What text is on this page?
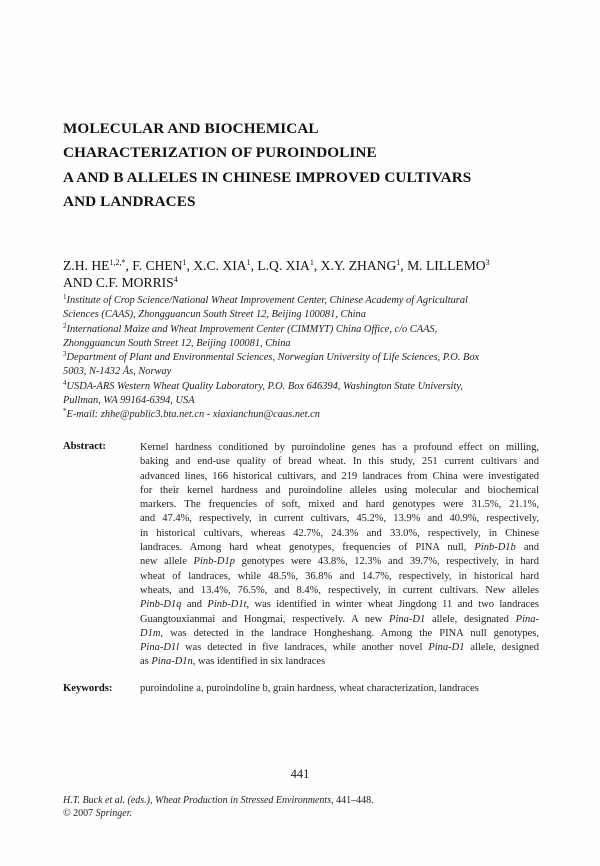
MOLECULAR AND BIOCHEMICAL
CHARACTERIZATION OF PUROINDOLINE
A AND B ALLELES IN CHINESE IMPROVED CULTIVARS
AND LANDRACES
Z.H. $HE^{1,2,*}$, F. CHEN$^1$, X.C. XIA$^1$, L.Q. XIA$^1$, X.Y. ZHANG$^1$, M. LILLEMO$^3$
AND C.F. MORRIS$^4$
$^1$Institute of Crop Science/National Wheat Improvement Center, Chinese Academy of Agricultural
Sciences (CAAS), Zhongguancun South Street 12, Beijing 100081, China
$^2$International Maize and Wheat Improvement Center (CIMMYT) China Office, c/o CAAS,
Zhongguancun South Street 12, Beijing 100081, China
$^3$Department of Plant and Environmental Sciences, Norwegian University of Life Sciences, P.O. Box
5003, N-1432 Ås, Norway
$^4$USDA-ARS Western Wheat Quality Laboratory, P.O. Box 646394, Washington State University,
Pullman, WA 99164-6394, USA
*E-mail: zhhe@public3.bta.net.cn - xiaxianchun@caas.net.cn
Abstract:	Kernel hardness conditioned by puroindoline genes has a profound effect on milling,
baking and end-use quality of bread wheat. In this study, 251 current cultivars and
advanced lines, 166 historical cultivars, and 219 landraces from China were investigated
for their kernel hardness and puroindoline alleles using molecular and biochemical
markers. The frequencies of soft, mixed and hard genotypes were 31.5%, 21.1%,
and 47.4%, respectively, in current cultivars, 45.2%, 13.9% and 40.9%, respectively,
in historical cultivars, whereas 42.7%, 24.3% and 33.0%, respectively, in Chinese
landraces. Among hard wheat genotypes, frequencies of PINA null, Pinb-D1b and
new allele Pinb-D1p genotypes were 43.8%, 12.3% and 39.7%, respectively, in hard
wheat of landraces, while 48.5%, 36.8% and 14.7%, respectively, in historical hard
wheats, and 13.4%, 76.5%, and 8.4%, respectively, in current cultivars. New alleles
Pinb-D1q and Pinb-D1t, was identified in winter wheat Jingdong 11 and two landraces
Guangtouxianmai and Hongmai, respectively. A new Pina-D1 allele, designated Pina-
D1m, was detected in the landrace Hongheshang. Among the PINA null genotypes,
Pina-D1l was detected in five landraces, while another novel Pina-D1 allele, designed
as Pina-D1n, was identified in six landraces
Keywords:	puroindoline a, puroindoline b, grain hardness, wheat characterization, landraces
441
H.T. Buck et al. (eds.), Wheat Production in Stressed Environments, 441–448.
© 2007 Springer.
